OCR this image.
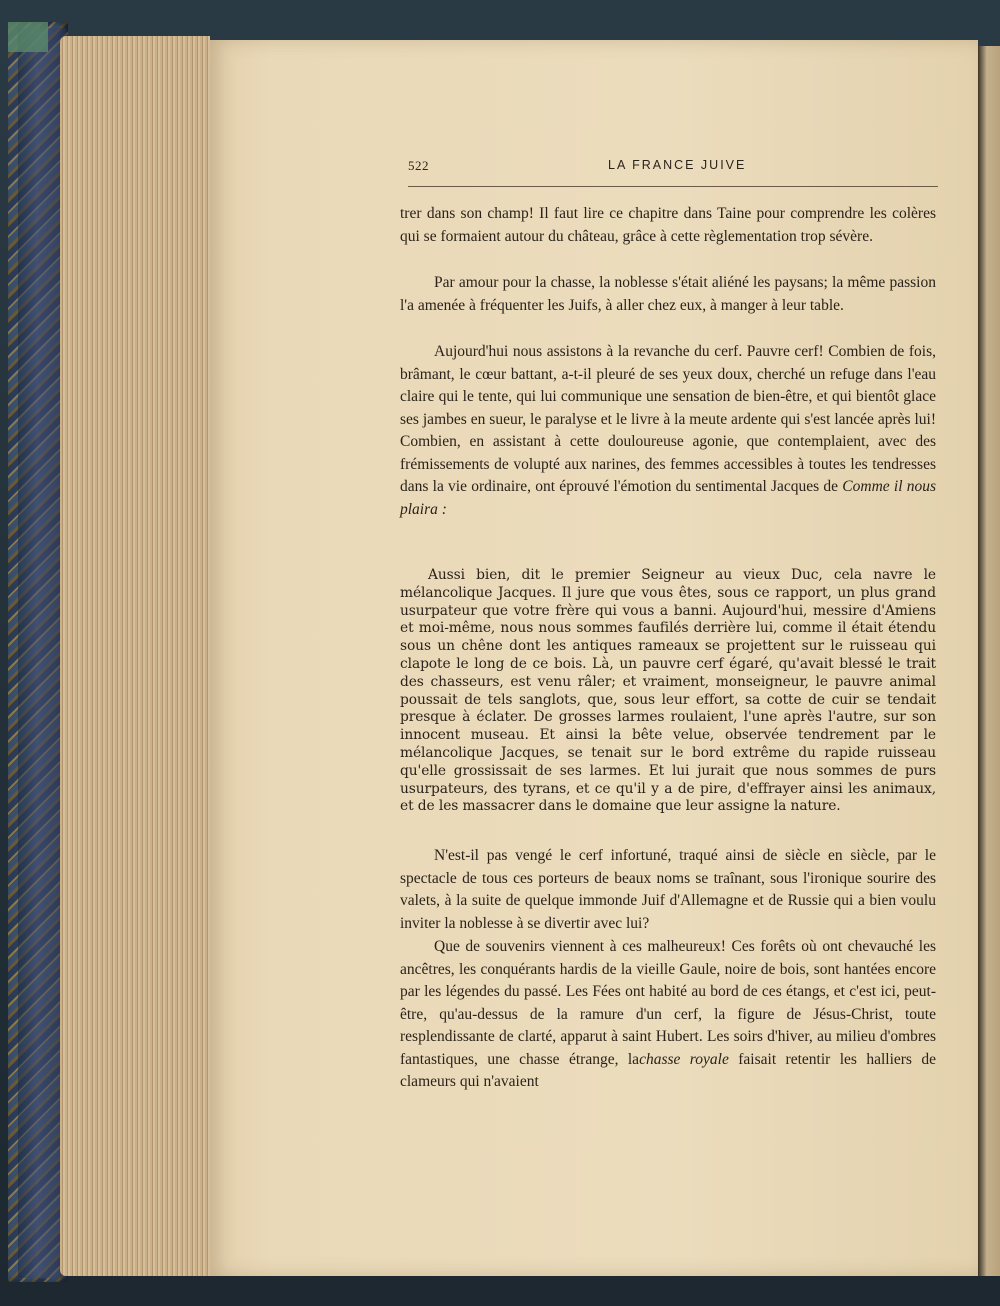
522	LA FRANCE JUIVE

trer dans son champ! Il faut lire ce chapitre dans Taine pour comprendre les colères qui se formaient autour du château, grâce à cette règlementation trop sévère.

Par amour pour la chasse, la noblesse s'était aliéné les paysans; la même passion l'a amenée à fréquenter les Juifs, à aller chez eux, à manger à leur table.

Aujourd'hui nous assistons à la revanche du cerf. Pauvre cerf! Combien de fois, brâmant, le cœur battant, a-t-il pleuré de ses yeux doux, cherché un refuge dans l'eau claire qui le tente, qui lui communique une sensation de bien-être, et qui bientôt glace ses jambes en sueur, le paralyse et le livre à la meute ardente qui s'est lancée après lui! Combien, en assistant à cette douloureuse agonie, que contemplaient, avec des frémissements de volupté aux narines, des femmes accessibles à toutes les tendresses dans la vie ordinaire, ont éprouvé l'émotion du sentimental Jacques de Comme il nous plaira :

Aussi bien, dit le premier Seigneur au vieux Duc, cela navre le mélancolique Jacques. Il jure que vous êtes, sous ce rapport, un plus grand usurpateur que votre frère qui vous a banni. Aujourd'hui, messire d'Amiens et moi-même, nous nous sommes faufilés derrière lui, comme il était étendu sous un chêne dont les antiques rameaux se projettent sur le ruisseau qui clapote le long de ce bois. Là, un pauvre cerf égaré, qu'avait blessé le trait des chasseurs, est venu râler; et vraiment, monseigneur, le pauvre animal poussait de tels sanglots, que, sous leur effort, sa cotte de cuir se tendait presque à éclater. De grosses larmes roulaient, l'une après l'autre, sur son innocent museau. Et ainsi la bête velue, observée tendrement par le mélancolique Jacques, se tenait sur le bord extrême du rapide ruisseau qu'elle grossissait de ses larmes. Et lui jurait que nous sommes de purs usurpateurs, des tyrans, et ce qu'il y a de pire, d'effrayer ainsi les animaux, et de les massacrer dans le domaine que leur assigne la nature.

N'est-il pas vengé le cerf infortuné, traqué ainsi de siècle en siècle, par le spectacle de tous ces porteurs de beaux noms se traînant, sous l'ironique sourire des valets, à la suite de quelque immonde Juif d'Allemagne et de Russie qui a bien voulu inviter la noblesse à se divertir avec lui?

Que de souvenirs viennent à ces malheureux! Ces forêts où ont chevauché les ancêtres, les conquérants hardis de la vieille Gaule, noire de bois, sont hantées encore par les légendes du passé. Les Fées ont habité au bord de ces étangs, et c'est ici, peut-être, qu'au-dessus de la ramure d'un cerf, la figure de Jésus-Christ, toute resplendissante de clarté, apparut à saint Hubert. Les soirs d'hiver, au milieu d'ombres fantastiques, une chasse étrange, lachasse royale faisait retentir les halliers de clameurs qui n'avaient
